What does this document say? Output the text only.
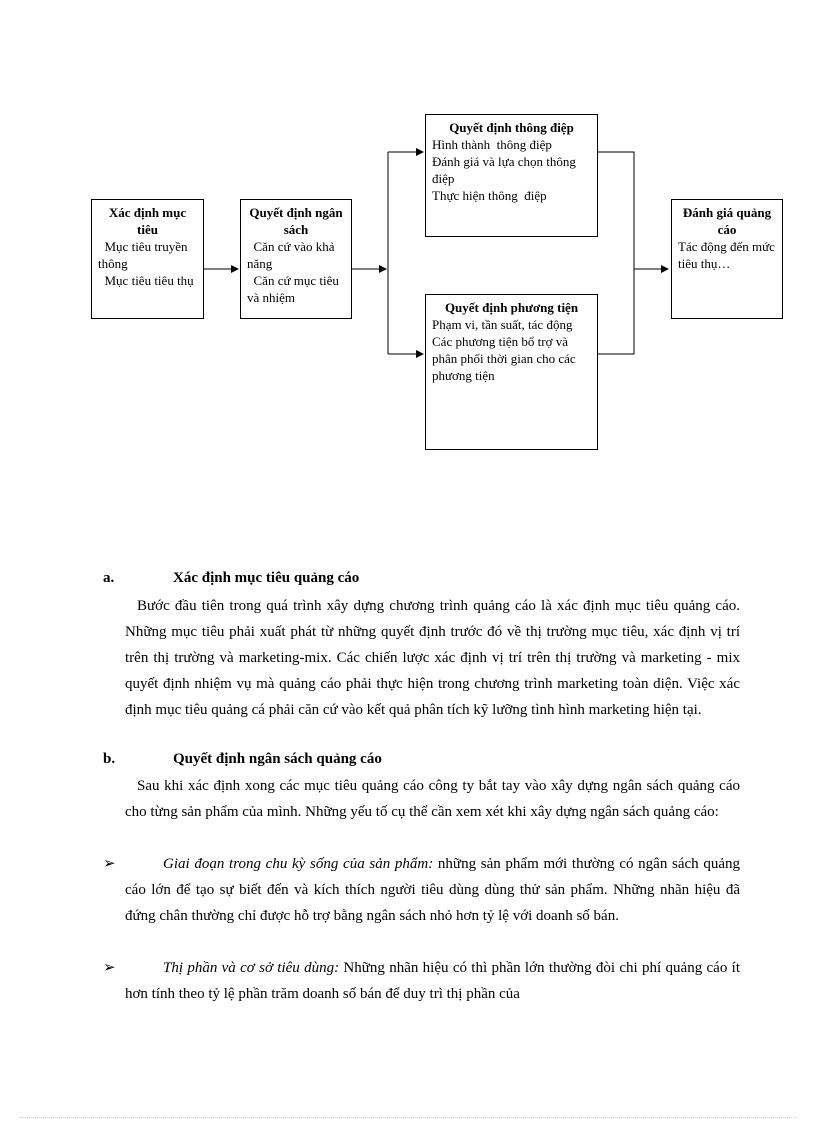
Xác định mục tiêu
Mục tiêu truyền  thông
Mục tiêu tiêu thụ
Quyết định ngân sách
Căn cứ vào khả năng
Căn cứ mục tiêu và nhiệm
Quyết định thông điệp
Hình thành  thông điệp
Đánh giá và lựa chọn thông  điệp
Thực hiện thông  điệp
Quyết định phương tiện
Phạm vi, tần suất, tác động
Các phương tiện bổ trợ và phân phối thời gian cho các phương tiện
Đánh giá quảng cáo
Tác động đến mức tiêu thụ…
a.	Xác định mục tiêu quảng cáo
Bước đầu tiên trong quá trình xây dựng chương trình quảng cáo là xác định mục tiêu quảng cáo. Những mục tiêu phải xuất phát từ những quyết định trước đó về thị trường mục tiêu, xác định vị trí trên thị trường và marketing-mix. Các chiến lược xác định vị trí trên thị trường và marketing - mix quyết định nhiệm vụ mà quảng cáo phải thực hiện trong chương trình marketing toàn diện. Việc xác định mục tiêu quảng cá phải căn cứ vào kết quả phân tích kỹ lưỡng tình hình marketing hiện tại.
b.	Quyết định ngân sách quảng cáo
Sau khi xác định xong các mục tiêu quảng cáo công ty bắt tay vào xây dựng ngân sách quảng cáo cho từng sản phẩm của mình. Những yếu tố cụ thể cần xem xét khi xây dựng ngân sách quảng cáo:
➢	Giai đoạn trong chu kỳ sống của sản phẩm: những sản phẩm mới thường có ngân sách quảng cáo lớn để tạo sự biết đến và kích thích người tiêu dùng dùng thử sản phẩm. Những nhãn hiệu đã đứng chân thường chỉ được hỗ trợ bằng ngân sách nhỏ hơn tỷ lệ với doanh số bán.
➢	Thị phần và cơ sở tiêu dùng: Những nhãn hiệu có thì phần lớn thường đòi chi phí quảng cáo ít hơn tính theo tỷ lệ phần trăm doanh số bán để duy trì thị phần của
